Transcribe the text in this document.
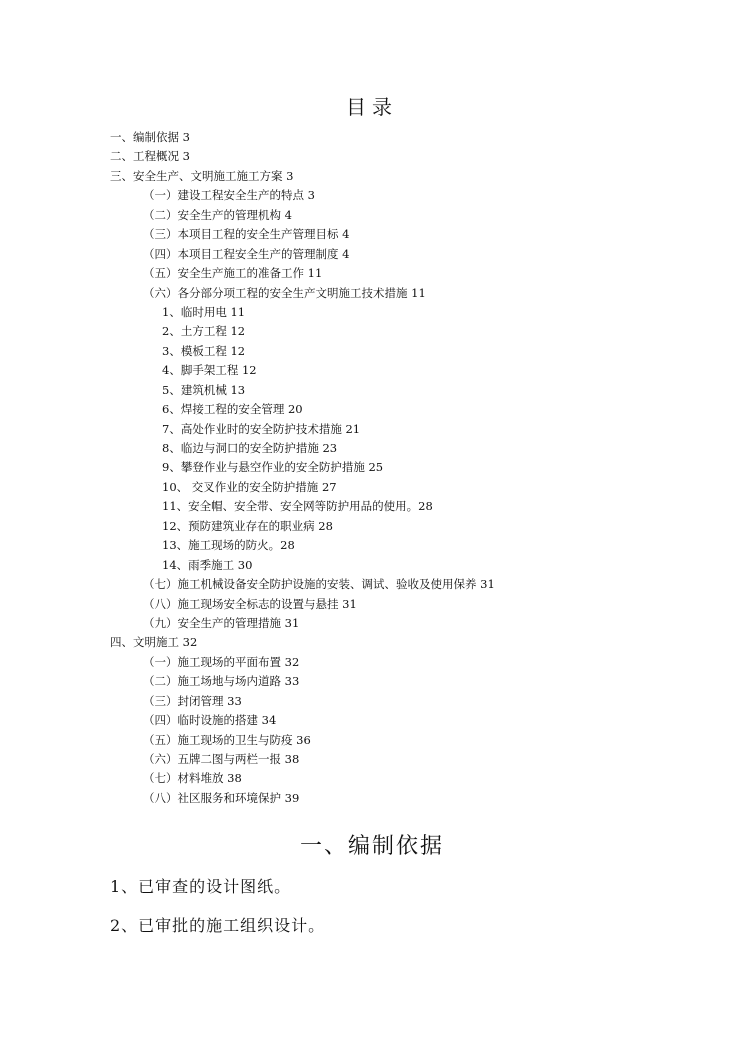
目录
一、编制依据 3
二、工程概况 3
三、安全生产、文明施工施工方案 3
（一）建设工程安全生产的特点 3
（二）安全生产的管理机构 4
（三）本项目工程的安全生产管理目标 4
（四）本项目工程安全生产的管理制度 4
（五）安全生产施工的准备工作 11
（六）各分部分项工程的安全生产文明施工技术措施 11
1、临时用电 11
2、土方工程 12
3、模板工程 12
4、脚手架工程 12
5、建筑机械 13
6、焊接工程的安全管理 20
7、高处作业时的安全防护技术措施 21
8、临边与洞口的安全防护措施 23
9、攀登作业与悬空作业的安全防护措施 25
10、 交叉作业的安全防护措施 27
11、安全帽、安全带、安全网等防护用品的使用。28
12、预防建筑业存在的职业病 28
13、施工现场的防火。28
14、雨季施工 30
（七）施工机械设备安全防护设施的安装、调试、验收及使用保养 31
（八）施工现场安全标志的设置与悬挂 31
（九）安全生产的管理措施 31
四、文明施工 32
（一）施工现场的平面布置 32
（二）施工场地与场内道路 33
（三）封闭管理 33
（四）临时设施的搭建 34
（五）施工现场的卫生与防疫 36
（六）五牌二图与两栏一报 38
（七）材料堆放 38
（八）社区服务和环境保护 39
一、编制依据
1、已审查的设计图纸。
2、已审批的施工组织设计。
